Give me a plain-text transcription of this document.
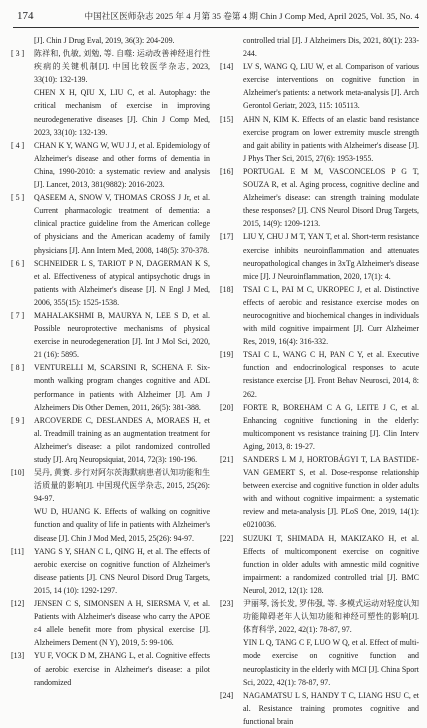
174	中国社区医师杂志 2025 年 4 月第 35 卷第 4 期 Chin J Comp Med, April 2025, Vol. 35, No. 4
[J]. Chin J Drug Eval, 2019, 36(3): 204-209.
[ 3 ] 陈祥和, 仇敏, 刘勉, 等. 自噬: 运动改善神经退行性疾病的关键机制[J]. 中国比较医学杂志, 2023, 33(10): 132-139.
CHEN X H, QIU X, LIU C, et al. Autophagy: the critical mechanism of exercise in improving neurodegenerative diseases [J]. Chin J Comp Med, 2023, 33(10): 132-139.
[ 4 ] CHAN K Y, WANG W, WU J J, et al. Epidemiology of Alzheimer's disease and other forms of dementia in China, 1990-2010: a systematic review and analysis [J]. Lancet, 2013, 381(9882): 2016-2023.
[ 5 ] QASEEM A, SNOW V, THOMAS CROSS J Jr, et al. Current pharmacologic treatment of dementia: a clinical practice guideline from the American college of physicians and the American academy of family physicians [J]. Ann Intern Med, 2008, 148(5): 370-378.
[ 6 ] SCHNEIDER L S, TARIOT P N, DAGERMAN K S, et al. Effectiveness of atypical antipsychotic drugs in patients with Alzheimer's disease [J]. N Engl J Med, 2006, 355(15): 1525-1538.
[ 7 ] MAHALAKSHMI B, MAURYA N, LEE S D, et al. Possible neuroprotective mechanisms of physical exercise in neurodegeneration [J]. Int J Mol Sci, 2020, 21 (16): 5895.
[ 8 ] VENTURELLI M, SCARSINI R, SCHENA F. Six-month walking program changes cognitive and ADL performance in patients with Alzheimer [J]. Am J Alzheimers Dis Other Demen, 2011, 26(5): 381-388.
[ 9 ] ARCOVERDE C, DESLANDES A, MORAES H, et al. Treadmill training as an augmentation treatment for Alzheimer's disease: a pilot randomized controlled study [J]. Arq Neuropsiquiat, 2014, 72(3): 190-196.
[10] 吴丹, 黄赛. 步行对阿尔茨海默病患者认知功能和生活质量的影响[J]. 中国现代医学杂志, 2015, 25(26): 94-97.
WU D, HUANG K. Effects of walking on cognitive function and quality of life in patients with Alzheimer's disease [J]. Chin J Mod Med, 2015, 25(26): 94-97.
[11] YANG S Y, SHAN C L, QING H, et al. The effects of aerobic exercise on cognitive function of Alzheimer's disease patients [J]. CNS Neurol Disord Drug Targets, 2015, 14 (10): 1292-1297.
[12] JENSEN C S, SIMONSEN A H, SIERSMA V, et al. Patients with Alzheimer's disease who carry the APOE ε4 allele benefit more from physical exercise [J]. Alzheimers Dement (N Y), 2019, 5: 99-106.
[13] YU F, VOCK D M, ZHANG L, et al. Cognitive effects of aerobic exercise in Alzheimer's disease: a pilot randomized
controlled trial [J]. J Alzheimers Dis, 2021, 80(1): 233-244.
[14] LV S, WANG Q, LIU W, et al. Comparison of various exercise interventions on cognitive function in Alzheimer's patients: a network meta-analysis [J]. Arch Gerontol Geriatr, 2023, 115: 105113.
[15] AHN N, KIM K. Effects of an elastic band resistance exercise program on lower extremity muscle strength and gait ability in patients with Alzheimer's disease [J]. J Phys Ther Sci, 2015, 27(6): 1953-1955.
[16] PORTUGAL E M M, VASCONCELOS P G T, SOUZA R, et al. Aging process, cognitive decline and Alzheimer's disease: can strength training modulate these responses? [J]. CNS Neurol Disord Drug Targets, 2015, 14(9): 1209-1213.
[17] LIU Y, CHU J M T, YAN T, et al. Short-term resistance exercise inhibits neuroinflammation and attenuates neuropathological changes in 3xTg Alzheimer's disease mice [J]. J Neuroinflammation, 2020, 17(1): 4.
[18] TSAI C L, PAI M C, UKROPEC J, et al. Distinctive effects of aerobic and resistance exercise modes on neurocognitive and biochemical changes in individuals with mild cognitive impairment [J]. Curr Alzheimer Res, 2019, 16(4): 316-332.
[19] TSAI C L, WANG C H, PAN C Y, et al. Executive function and endocrinological responses to acute resistance exercise [J]. Front Behav Neurosci, 2014, 8: 262.
[20] FORTE R, BOREHAM C A G, LEITE J C, et al. Enhancing cognitive functioning in the elderly: multicomponent vs resistance training [J]. Clin Interv Aging, 2013, 8: 19-27.
[21] SANDERS L M J, HORTOBÁGYI T, LA BASTIDE-VAN GEMERT S, et al. Dose-response relationship between exercise and cognitive function in older adults with and without cognitive impairment: a systematic review and meta-analysis [J]. PLoS One, 2019, 14(1): e0210036.
[22] SUZUKI T, SHIMADA H, MAKIZAKO H, et al. Effects of multicomponent exercise on cognitive function in older adults with amnestic mild cognitive impairment: a randomized controlled trial [J]. BMC Neurol, 2012, 12(1): 128.
[23] 尹丽琴, 汤长发, 罗伟强, 等. 多模式运动对轻度认知功能障碍老年人认知功能和神经可塑性的影响[J]. 体育科学, 2022, 42(1): 78-87, 97.
YIN L Q, TANG C F, LUO W Q, et al. Effect of multi-mode exercise on cognitive function and neuroplasticity in the elderly with MCI [J]. China Sport Sci, 2022, 42(1): 78-87, 97.
[24] NAGAMATSU L S, HANDY T C, LIANG HSU C, et al. Resistance training promotes cognitive and functional brain
